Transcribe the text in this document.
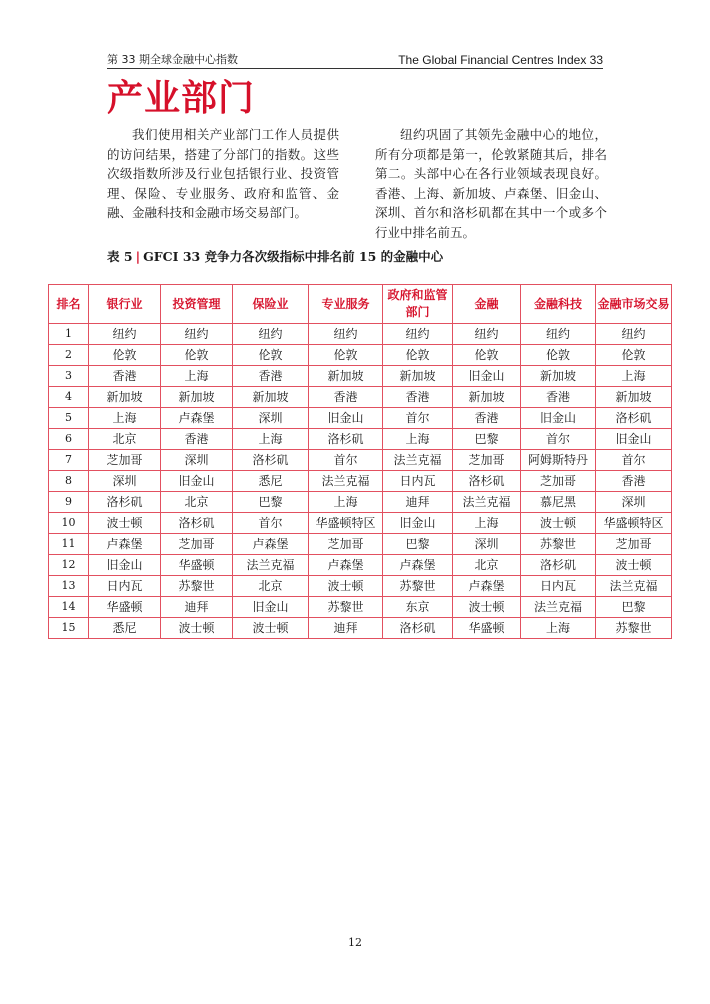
第 33 期全球金融中心指数	The Global Financial Centres Index 33
产业部门
我们使用相关产业部门工作人员提供的访问结果，搭建了分部门的指数。这些次级指数所涉及行业包括银行业、投资管理、保险、专业服务、政府和监管、金融、金融科技和金融市场交易部门。
纽约巩固了其领先金融中心的地位，所有分项都是第一，伦敦紧随其后，排名第二。头部中心在各行业领域表现良好。香港、上海、新加坡、卢森堡、旧金山、深圳、首尔和洛杉矶都在其中一个或多个行业中排名前五。
表 5 | GFCI 33 竞争力各次级指标中排名前 15 的金融中心
排名	银行业	投资管理	保险业	专业服务	政府和监管部门	金融	金融科技	金融市场交易
1	纽约	纽约	纽约	纽约	纽约	纽约	纽约	纽约
2	伦敦	伦敦	伦敦	伦敦	伦敦	伦敦	伦敦	伦敦
3	香港	上海	香港	新加坡	新加坡	旧金山	新加坡	上海
4	新加坡	新加坡	新加坡	香港	香港	新加坡	香港	新加坡
5	上海	卢森堡	深圳	旧金山	首尔	香港	旧金山	洛杉矶
6	北京	香港	上海	洛杉矶	上海	巴黎	首尔	旧金山
7	芝加哥	深圳	洛杉矶	首尔	法兰克福	芝加哥	阿姆斯特丹	首尔
8	深圳	旧金山	悉尼	法兰克福	日内瓦	洛杉矶	芝加哥	香港
9	洛杉矶	北京	巴黎	上海	迪拜	法兰克福	慕尼黑	深圳
10	波士顿	洛杉矶	首尔	华盛顿特区	旧金山	上海	波士顿	华盛顿特区
11	卢森堡	芝加哥	卢森堡	芝加哥	巴黎	深圳	苏黎世	芝加哥
12	旧金山	华盛顿	法兰克福	卢森堡	卢森堡	北京	洛杉矶	波士顿
13	日内瓦	苏黎世	北京	波士顿	苏黎世	卢森堡	日内瓦	法兰克福
14	华盛顿	迪拜	旧金山	苏黎世	东京	波士顿	法兰克福	巴黎
15	悉尼	波士顿	波士顿	迪拜	洛杉矶	华盛顿	上海	苏黎世
12
